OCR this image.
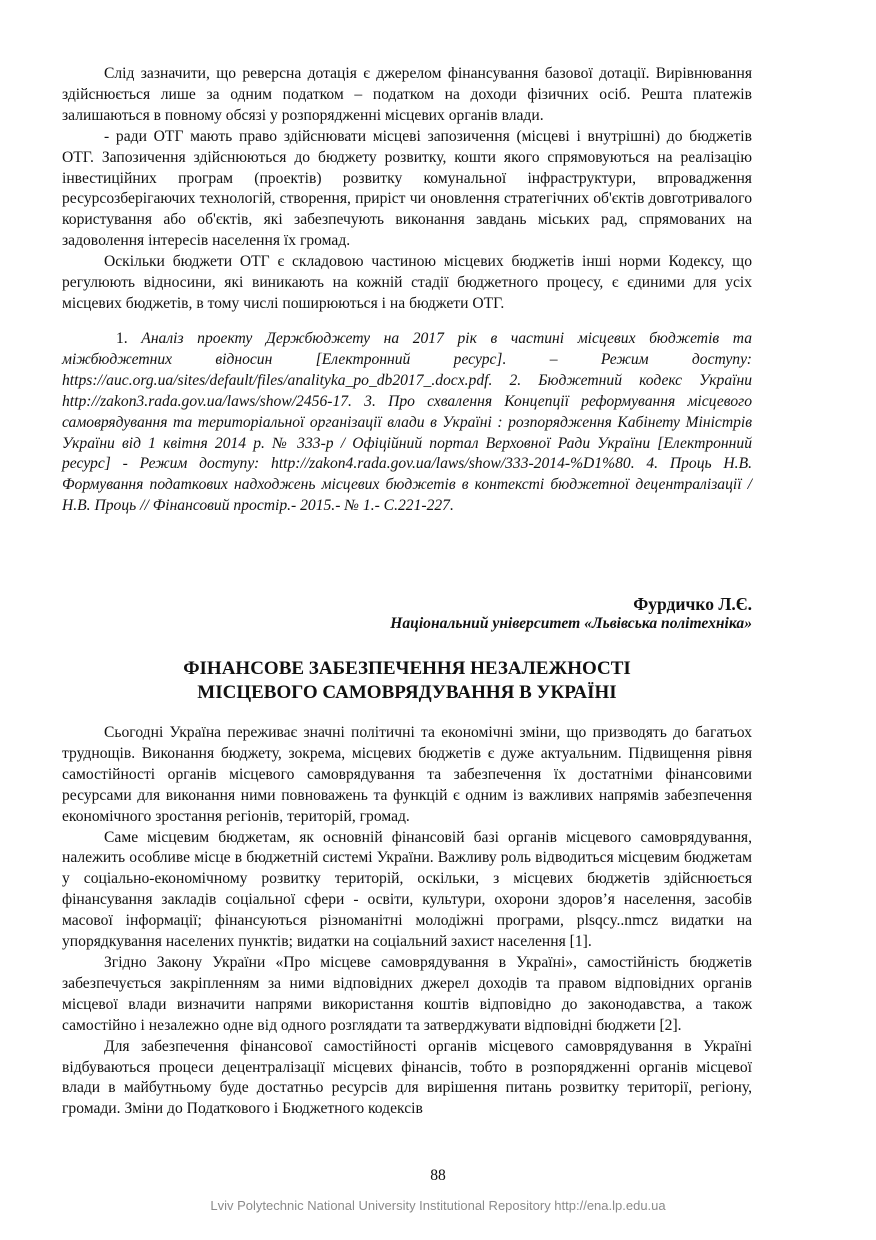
Слід зазначити, що реверсна дотація є джерелом фінансування базової дотації. Вирівнювання здійснюється лише за одним податком – податком на доходи фізичних осіб. Решта платежів залишаються в повному обсязі у розпорядженні місцевих органів влади.

- ради ОТГ мають право здійснювати місцеві запозичення (місцеві і внутрішні) до бюджетів ОТГ. Запозичення здійснюються до бюджету розвитку, кошти якого спрямовуються на реалізацію інвестиційних програм (проектів) розвитку комунальної інфраструктури, впровадження ресурсозберігаючих технологій, створення, приріст чи оновлення стратегічних об'єктів довготривалого користування або об'єктів, які забезпечують виконання завдань міських рад, спрямованих на задоволення інтересів населення їх громад.

Оскільки бюджети ОТГ є складовою частиною місцевих бюджетів інші норми Кодексу, що регулюють відносини, які виникають на кожній стадії бюджетного процесу, є єдиними для усіх місцевих бюджетів, в тому числі поширюються і на бюджети ОТГ.

1. Аналіз проекту Держбюджету на 2017 рік в частині місцевих бюджетів та міжбюджетних відносин [Електронний ресурс]. – Режим доступу: https://auc.org.ua/sites/default/files/analityka_po_db2017_.docx.pdf. 2. Бюджетний кодекс України http://zakon3.rada.gov.ua/laws/show/2456-17. 3. Про схвалення Концепції реформування місцевого самоврядування та територіальної організації влади в Україні : розпорядження Кабінету Міністрів України від 1 квітня 2014 р. № 333-р / Офіційний портал Верховної Ради України [Електронний ресурс] - Режим доступу: http://zakon4.rada.gov.ua/laws/show/333-2014-%D1%80. 4. Проць Н.В. Формування податкових надходжень місцевих бюджетів в контексті бюджетної децентралізації / Н.В. Проць // Фінансовий простір.- 2015.- № 1.- С.221-227.
Фурдичко Л.Є.
Національний університет «Львівська політехніка»
ФІНАНСОВЕ ЗАБЕЗПЕЧЕННЯ НЕЗАЛЕЖНОСТІ
МІСЦЕВОГО САМОВРЯДУВАННЯ В УКРАЇНІ

Сьогодні Україна переживає значні політичні та економічні зміни, що призводять до багатьох труднощів. Виконання бюджету, зокрема, місцевих бюджетів є дуже актуальним. Підвищення рівня самостійності органів місцевого самоврядування та забезпечення їх достатніми фінансовими ресурсами для виконання ними повноважень та функцій є одним із важливих напрямів забезпечення економічного зростання регіонів, територій, громад.

Саме місцевим бюджетам, як основній фінансовій базі органів місцевого самоврядування, належить особливе місце в бюджетній системі України. Важливу роль відводиться місцевим бюджетам у соціально-економічному розвитку територій, оскільки, з місцевих бюджетів здійснюється фінансування закладів соціальної сфери - освіти, культури, охорони здоров’я населення, засобів масової інформації; фінансуються різноманітні молодіжні програми, plsqcy..nmcz видатки на упорядкування населених пунктів; видатки на соціальний захист населення [1].

Згідно Закону України «Про місцеве самоврядування в Україні», самостійність бюджетів забезпечується закріпленням за ними відповідних джерел доходів та правом відповідних органів місцевої влади визначити напрями використання коштів відповідно до законодавства, а також самостійно і незалежно одне від одного розглядати та затверджувати відповідні бюджети [2].

Для забезпечення фінансової самостійності органів місцевого самоврядування в Україні відбуваються процеси децентралізації місцевих фінансів, тобто в розпорядженні органів місцевої влади в майбутньому буде достатньо ресурсів для вирішення питань розвитку території, регіону, громади. Зміни до Податкового і Бюджетного кодексів

88
Lviv Polytechnic National University Institutional Repository http://ena.lp.edu.ua
